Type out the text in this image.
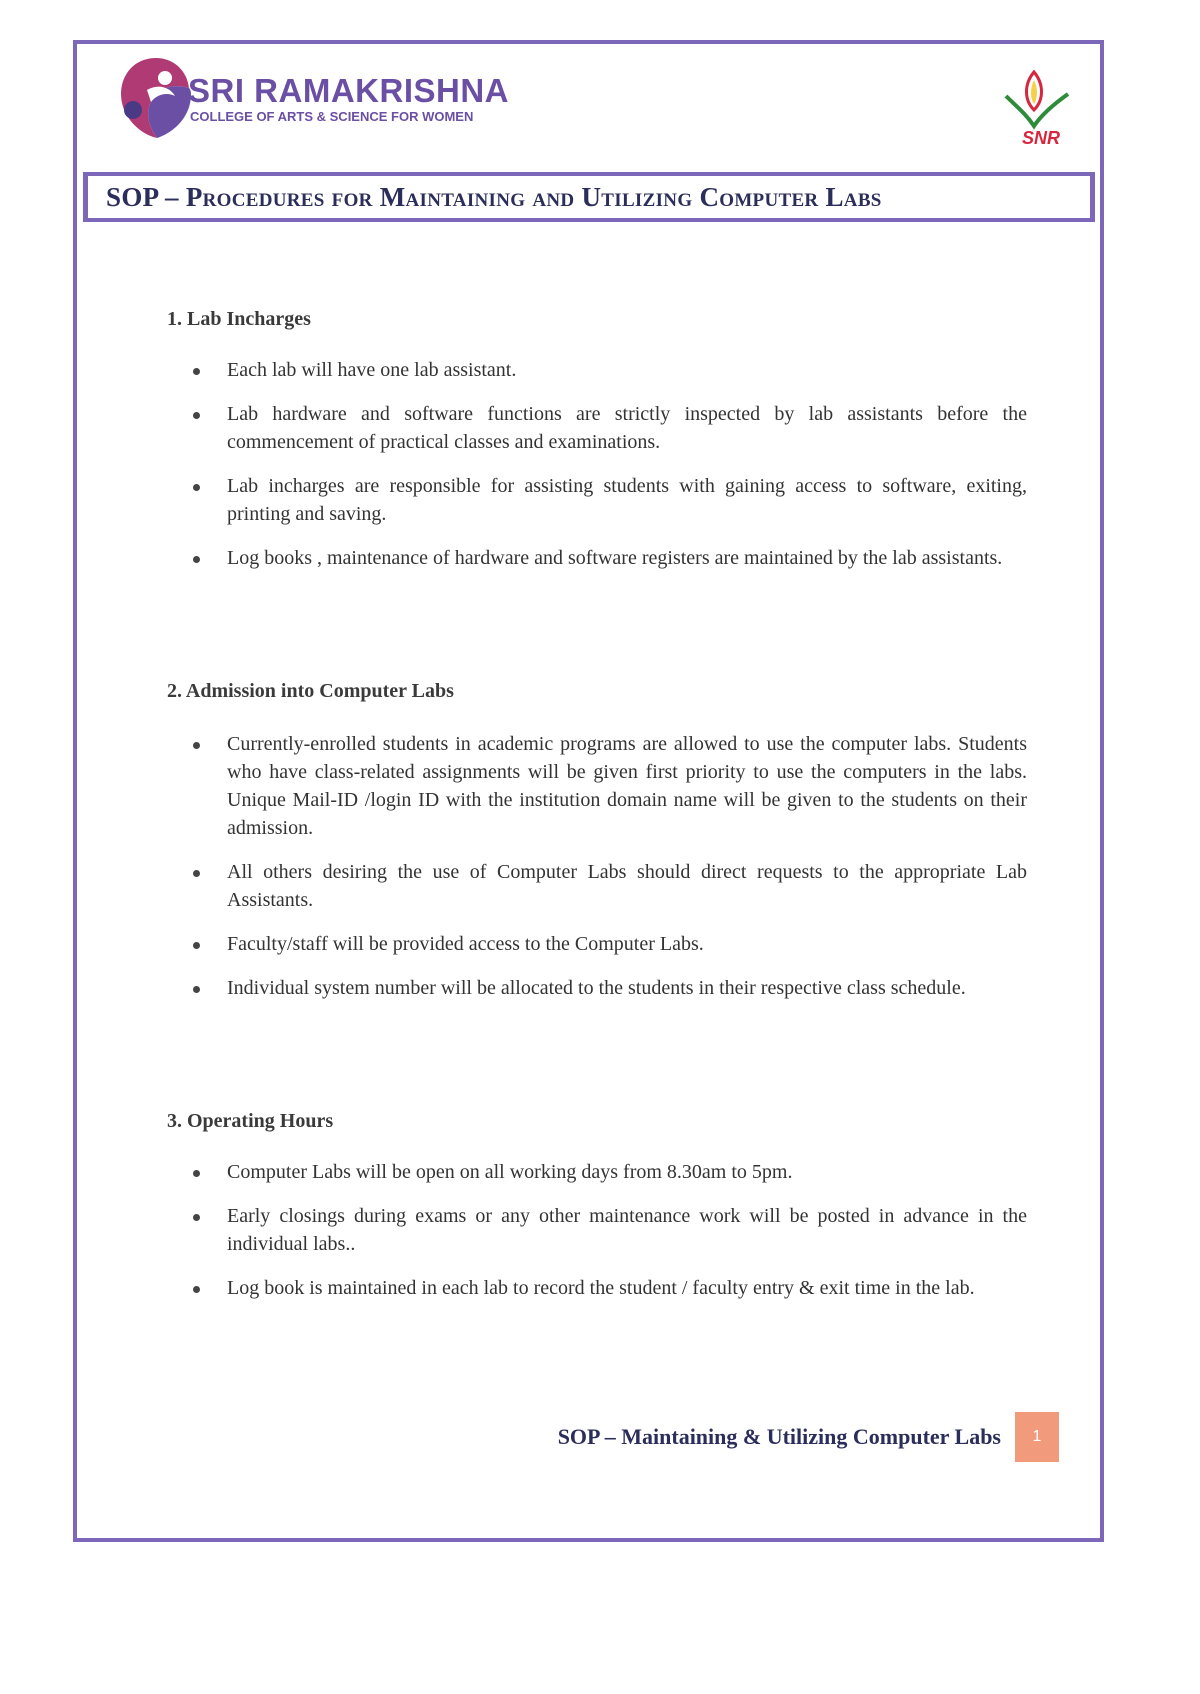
SRI RAMAKRISHNA
COLLEGE OF ARTS & SCIENCE FOR WOMEN
SNR
SOP – Procedures for Maintaining and Utilizing Computer Labs
1. Lab Incharges
Each lab will have one lab assistant.
Lab hardware and software functions are strictly inspected by lab assistants before the commencement of practical classes and examinations.
Lab incharges are responsible for assisting students with gaining access to software, exiting, printing and saving.
Log books , maintenance of hardware and software registers are maintained by the lab assistants.
2. Admission into Computer Labs
Currently-enrolled students in academic programs are allowed to use the computer labs. Students who have class-related assignments will be given first priority to use the computers in the labs. Unique Mail-ID /login ID with the institution domain name will be given to the students on their admission.
All others desiring the use of Computer Labs should direct requests to the appropriate Lab Assistants.
Faculty/staff will be provided access to the Computer Labs.
Individual system number will be allocated to the students in their respective class schedule.
3. Operating Hours
Computer Labs will be open on all working days from 8.30am to 5pm.
Early closings during exams or any other maintenance work will be posted in advance in the individual labs..
Log book is maintained in each lab to record the student / faculty entry & exit time in the lab.
SOP – Maintaining & Utilizing Computer Labs	1
